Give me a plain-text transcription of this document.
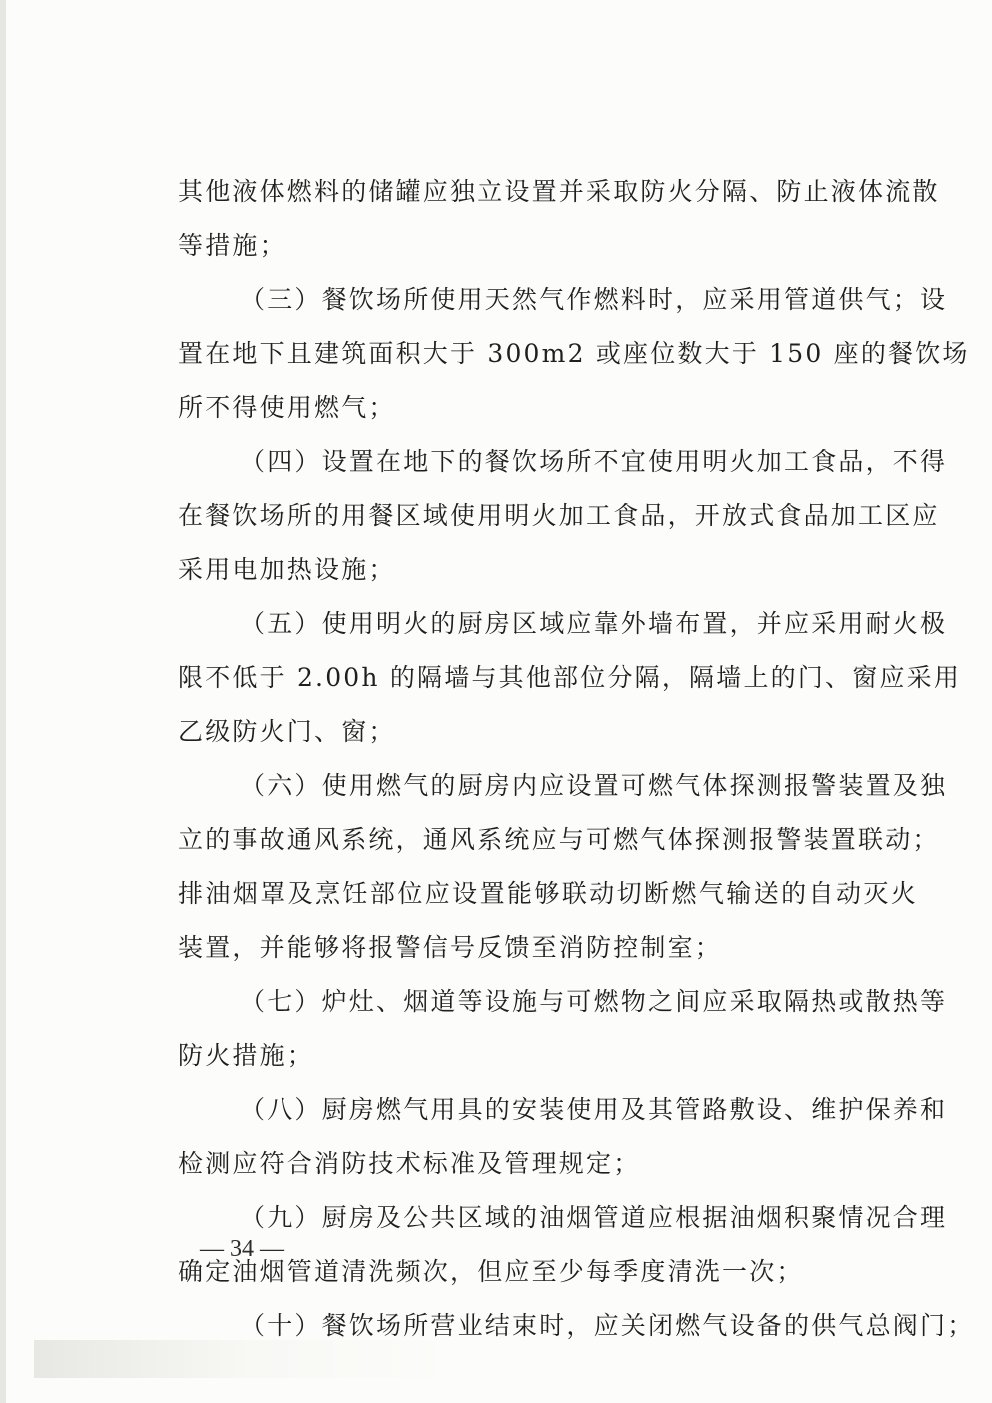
其他液体燃料的储罐应独立设置并采取防火分隔、防止液体流散
等措施；
（三）餐饮场所使用天然气作燃料时，应采用管道供气；设
置在地下且建筑面积大于 300m2 或座位数大于 150 座的餐饮场
所不得使用燃气；
（四）设置在地下的餐饮场所不宜使用明火加工食品，不得
在餐饮场所的用餐区域使用明火加工食品，开放式食品加工区应
采用电加热设施；
（五）使用明火的厨房区域应靠外墙布置，并应采用耐火极
限不低于 2.00h 的隔墙与其他部位分隔，隔墙上的门、窗应采用
乙级防火门、窗；
（六）使用燃气的厨房内应设置可燃气体探测报警装置及独
立的事故通风系统，通风系统应与可燃气体探测报警装置联动；
排油烟罩及烹饪部位应设置能够联动切断燃气输送的自动灭火
装置，并能够将报警信号反馈至消防控制室；
（七）炉灶、烟道等设施与可燃物之间应采取隔热或散热等
防火措施；
（八）厨房燃气用具的安装使用及其管路敷设、维护保养和
检测应符合消防技术标准及管理规定；
（九）厨房及公共区域的油烟管道应根据油烟积聚情况合理
确定油烟管道清洗频次，但应至少每季度清洗一次；
（十）餐饮场所营业结束时，应关闭燃气设备的供气总阀门；
— 34 —
